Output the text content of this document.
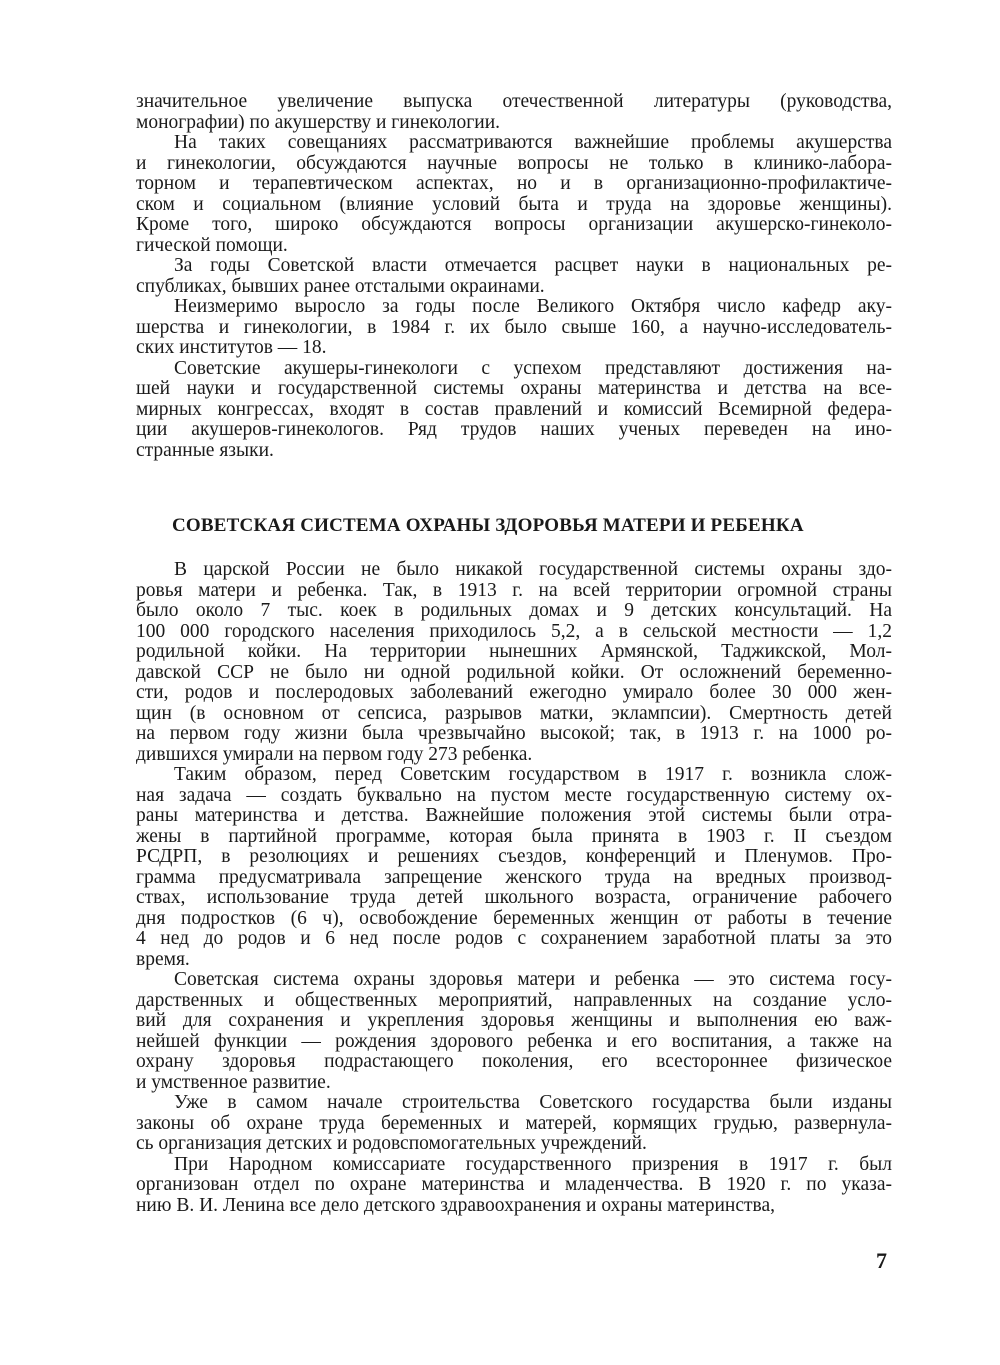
значительное увеличение выпуска отечественной литературы (руководства,
монографии) по акушерству и гинекологии.
На таких совещаниях рассматриваются важнейшие проблемы акушерства
и гинекологии, обсуждаются научные вопросы не только в клинико-лабора-
торном и терапевтическом аспектах, но и в организационно-профилактиче-
ском и социальном (влияние условий быта и труда на здоровье женщины).
Кроме того, широко обсуждаются вопросы организации акушерско-гинеколо-
гической помощи.
За годы Советской власти отмечается расцвет науки в национальных ре-
спубликах, бывших ранее отсталыми окраинами.
Неизмеримо выросло за годы после Великого Октября число кафедр аку-
шерства и гинекологии, в 1984 г. их было свыше 160, а научно-исследователь-
ских институтов — 18.
Советские акушеры-гинекологи с успехом представляют достижения на-
шей науки и государственной системы охраны материнства и детства на все-
мирных конгрессах, входят в состав правлений и комиссий Всемирной федера-
ции акушеров-гинекологов. Ряд трудов наших ученых переведен на ино-
странные языки.
СОВЕТСКАЯ СИСТЕМА ОХРАНЫ ЗДОРОВЬЯ МАТЕРИ И РЕБЕНКА
В царской России не было никакой государственной системы охраны здо-
ровья матери и ребенка. Так, в 1913 г. на всей территории огромной страны
было около 7 тыс. коек в родильных домах и 9 детских консультаций. На
100 000 городского населения приходилось 5,2, а в сельской местности — 1,2
родильной койки. На территории нынешних Армянской, Таджикской, Мол-
давской ССР не было ни одной родильной койки. От осложнений беременно-
сти, родов и послеродовых заболеваний ежегодно умирало более 30 000 жен-
щин (в основном от сепсиса, разрывов матки, эклампсии). Смертность детей
на первом году жизни была чрезвычайно высокой; так, в 1913 г. на 1000 ро-
дившихся умирали на первом году 273 ребенка.
Таким образом, перед Советским государством в 1917 г. возникла слож-
ная задача — создать буквально на пустом месте государственную систему ох-
раны материнства и детства. Важнейшие положения этой системы были отра-
жены в партийной программе, которая была принята в 1903 г. II съездом
РСДРП, в резолюциях и решениях съездов, конференций и Пленумов. Про-
грамма предусматривала запрещение женского труда на вредных производ-
ствах, использование труда детей школьного возраста, ограничение рабочего
дня подростков (6 ч), освобождение беременных женщин от работы в течение
4 нед до родов и 6 нед после родов с сохранением заработной платы за это
время.
Советская система охраны здоровья матери и ребенка — это система госу-
дарственных и общественных мероприятий, направленных на создание усло-
вий для сохранения и укрепления здоровья женщины и выполнения ею важ-
нейшей функции — рождения здорового ребенка и его воспитания, а также на
охрану здоровья подрастающего поколения, его всестороннее физическое
и умственное развитие.
Уже в самом начале строительства Советского государства были изданы
законы об охране труда беременных и матерей, кормящих грудью, развернула-
сь организация детских и родовспомогательных учреждений.
При Народном комиссариате государственного призрения в 1917 г. был
организован отдел по охране материнства и младенчества. В 1920 г. по указа-
нию В. И. Ленина все дело детского здравоохранения и охраны материнства,
7
